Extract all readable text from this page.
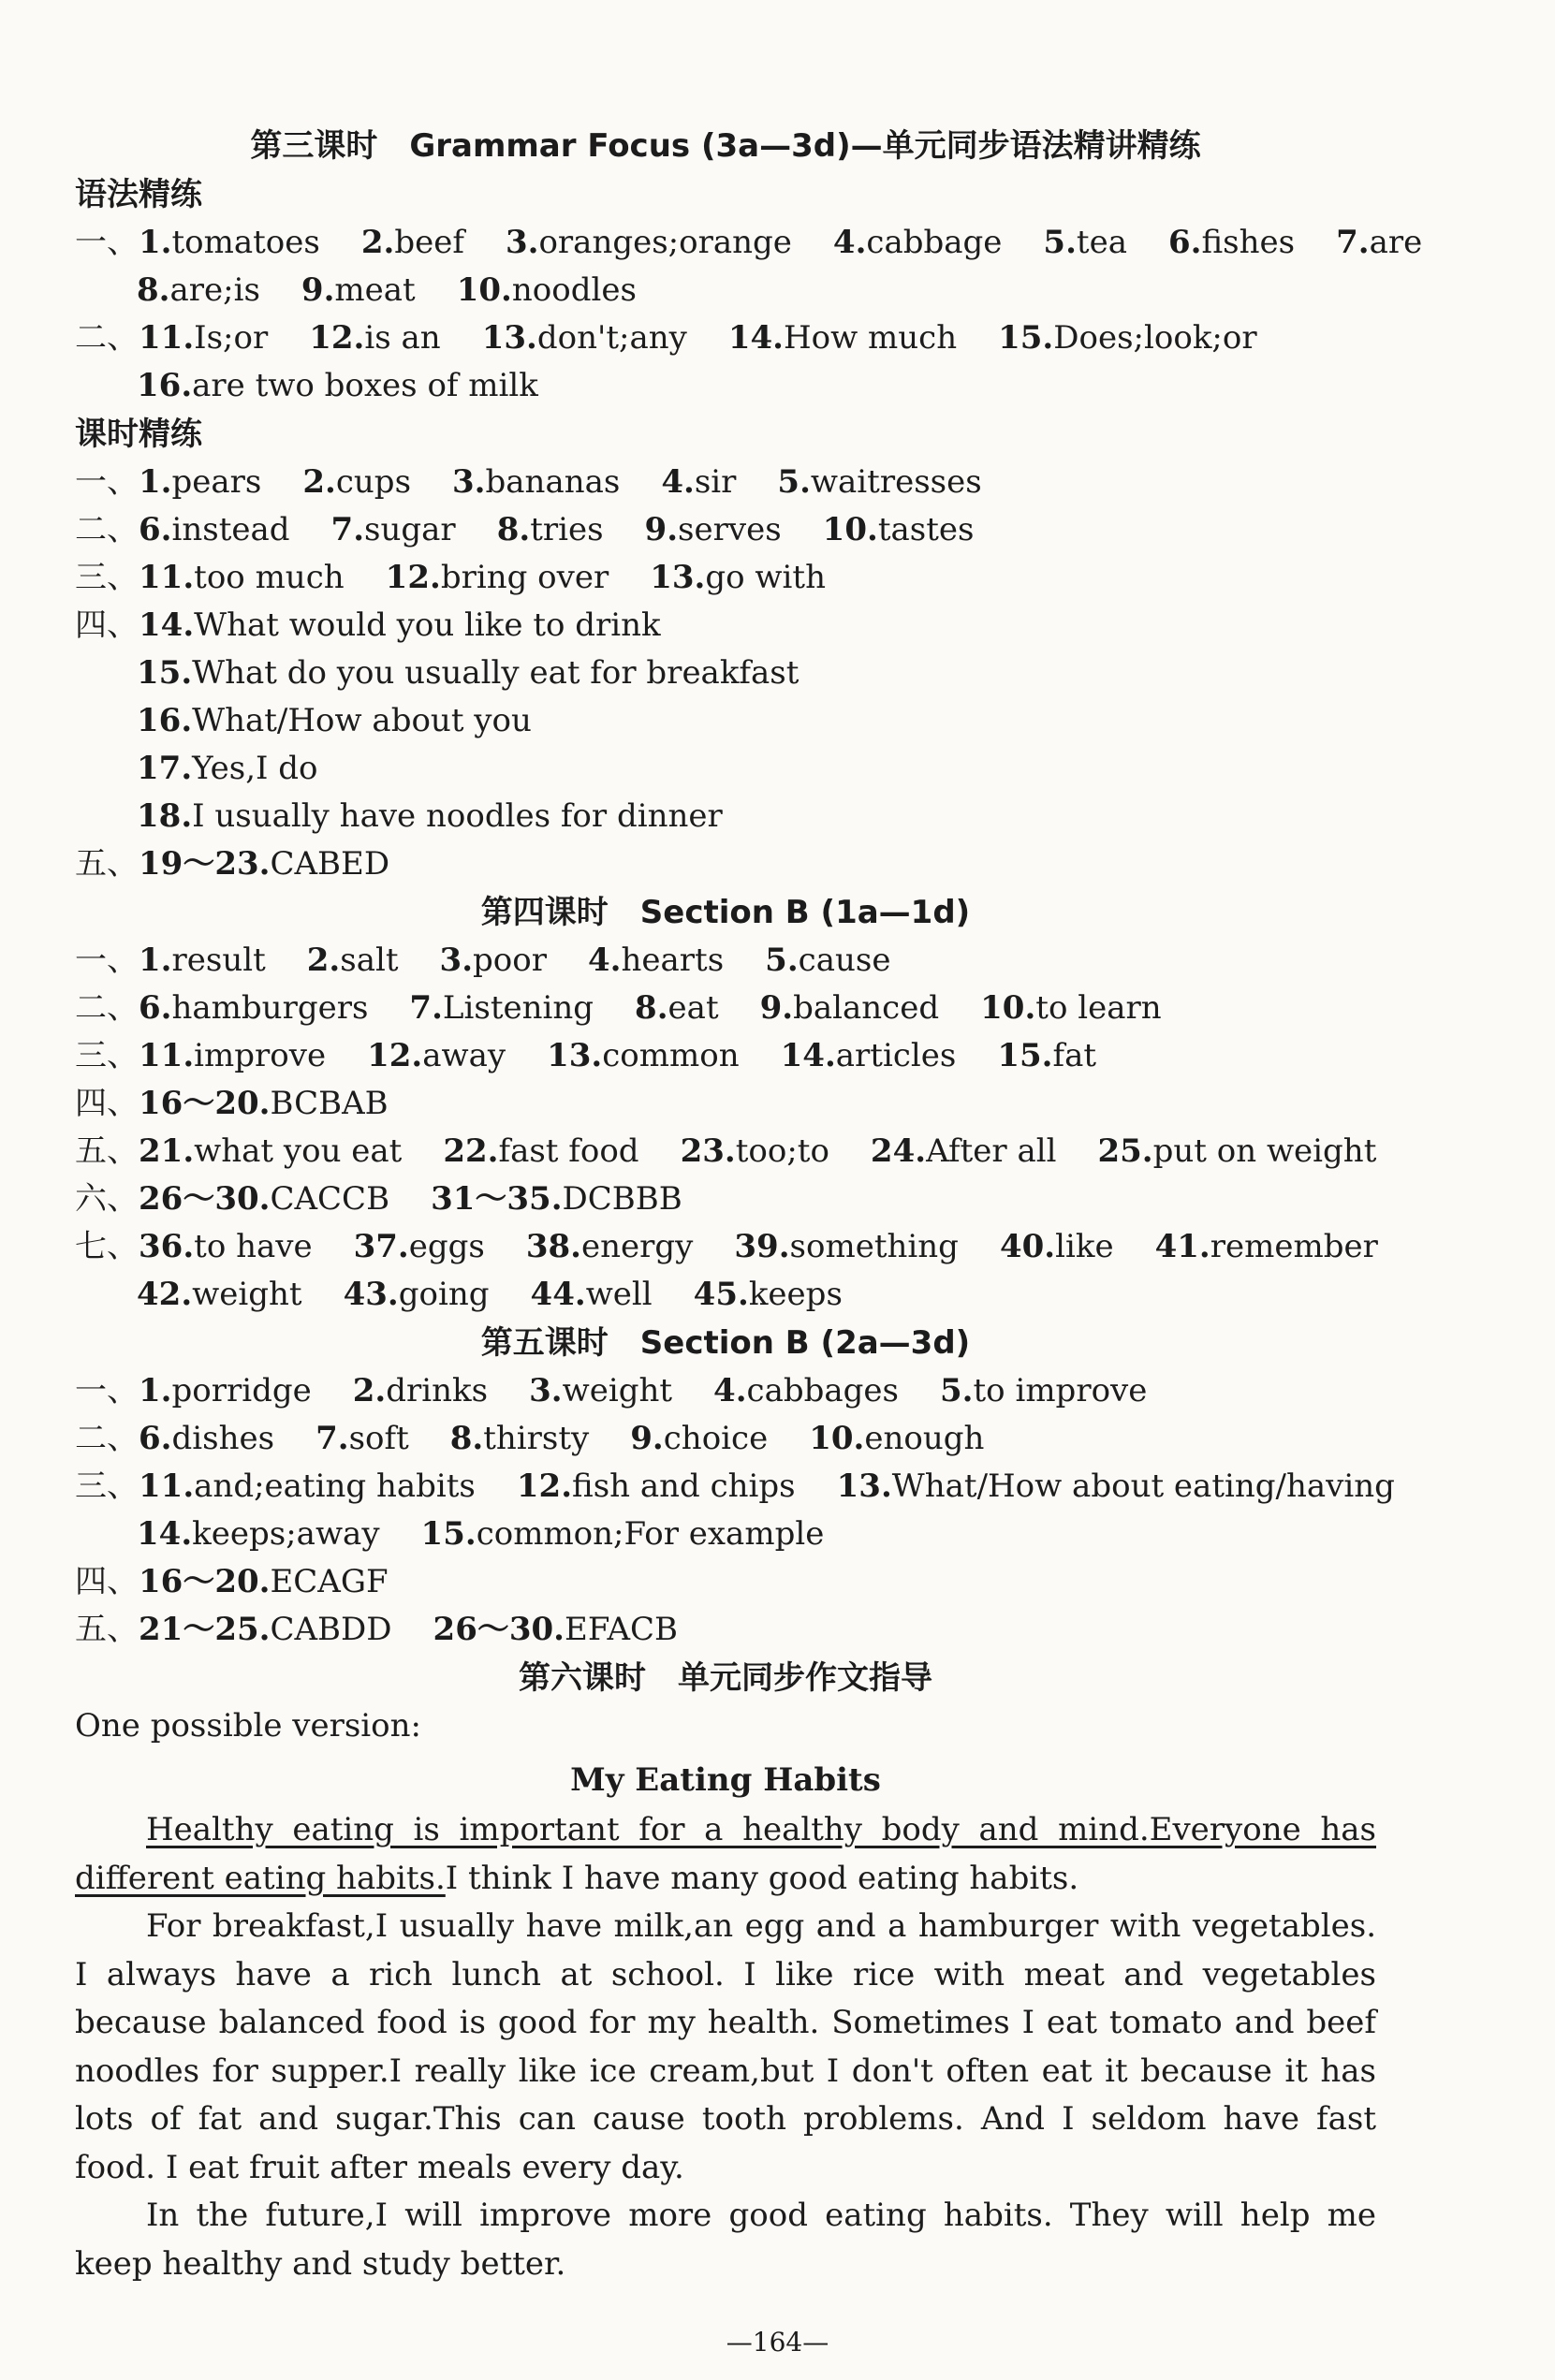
第三课时　Grammar Focus (3a—3d)—单元同步语法精讲精练
语法精练
一、1.tomatoes 2.beef 3.oranges;orange 4.cabbage 5.tea 6.fishes 7.are
8.are;is 9.meat 10.noodles
二、11.Is;or 12.is an 13.don't;any 14.How much 15.Does;look;or
16.are two boxes of milk
课时精练
一、1.pears 2.cups 3.bananas 4.sir 5.waitresses
二、6.instead 7.sugar 8.tries 9.serves 10.tastes
三、11.too much 12.bring over 13.go with
四、14.What would you like to drink
15.What do you usually eat for breakfast
16.What/How about you
17.Yes,I do
18.I usually have noodles for dinner
五、19～23.CABED
第四课时　Section B (1a—1d)
一、1.result 2.salt 3.poor 4.hearts 5.cause
二、6.hamburgers 7.Listening 8.eat 9.balanced 10.to learn
三、11.improve 12.away 13.common 14.articles 15.fat
四、16～20.BCBAB
五、21.what you eat 22.fast food 23.too;to 24.After all 25.put on weight
六、26～30.CACCB 31～35.DCBBB
七、36.to have 37.eggs 38.energy 39.something 40.like 41.remember
42.weight 43.going 44.well 45.keeps
第五课时　Section B (2a—3d)
一、1.porridge 2.drinks 3.weight 4.cabbages 5.to improve
二、6.dishes 7.soft 8.thirsty 9.choice 10.enough
三、11.and;eating habits 12.fish and chips 13.What/How about eating/having
14.keeps;away 15.common;For example
四、16～20.ECAGF
五、21～25.CABDD 26～30.EFACB
第六课时　单元同步作文指导
One possible version:
My Eating Habits
Healthy eating is important for a healthy body and mind.Everyone has different eating habits.I think I have many good eating habits.
For breakfast,I usually have milk,an egg and a hamburger with vegetables. I always have a rich lunch at school. I like rice with meat and vegetables because balanced food is good for my health. Sometimes I eat tomato and beef noodles for supper.I really like ice cream,but I don't often eat it because it has lots of fat and sugar.This can cause tooth problems. And I seldom have fast food. I eat fruit after meals every day.
In the future,I will improve more good eating habits. They will help me keep healthy and study better.
—164—
